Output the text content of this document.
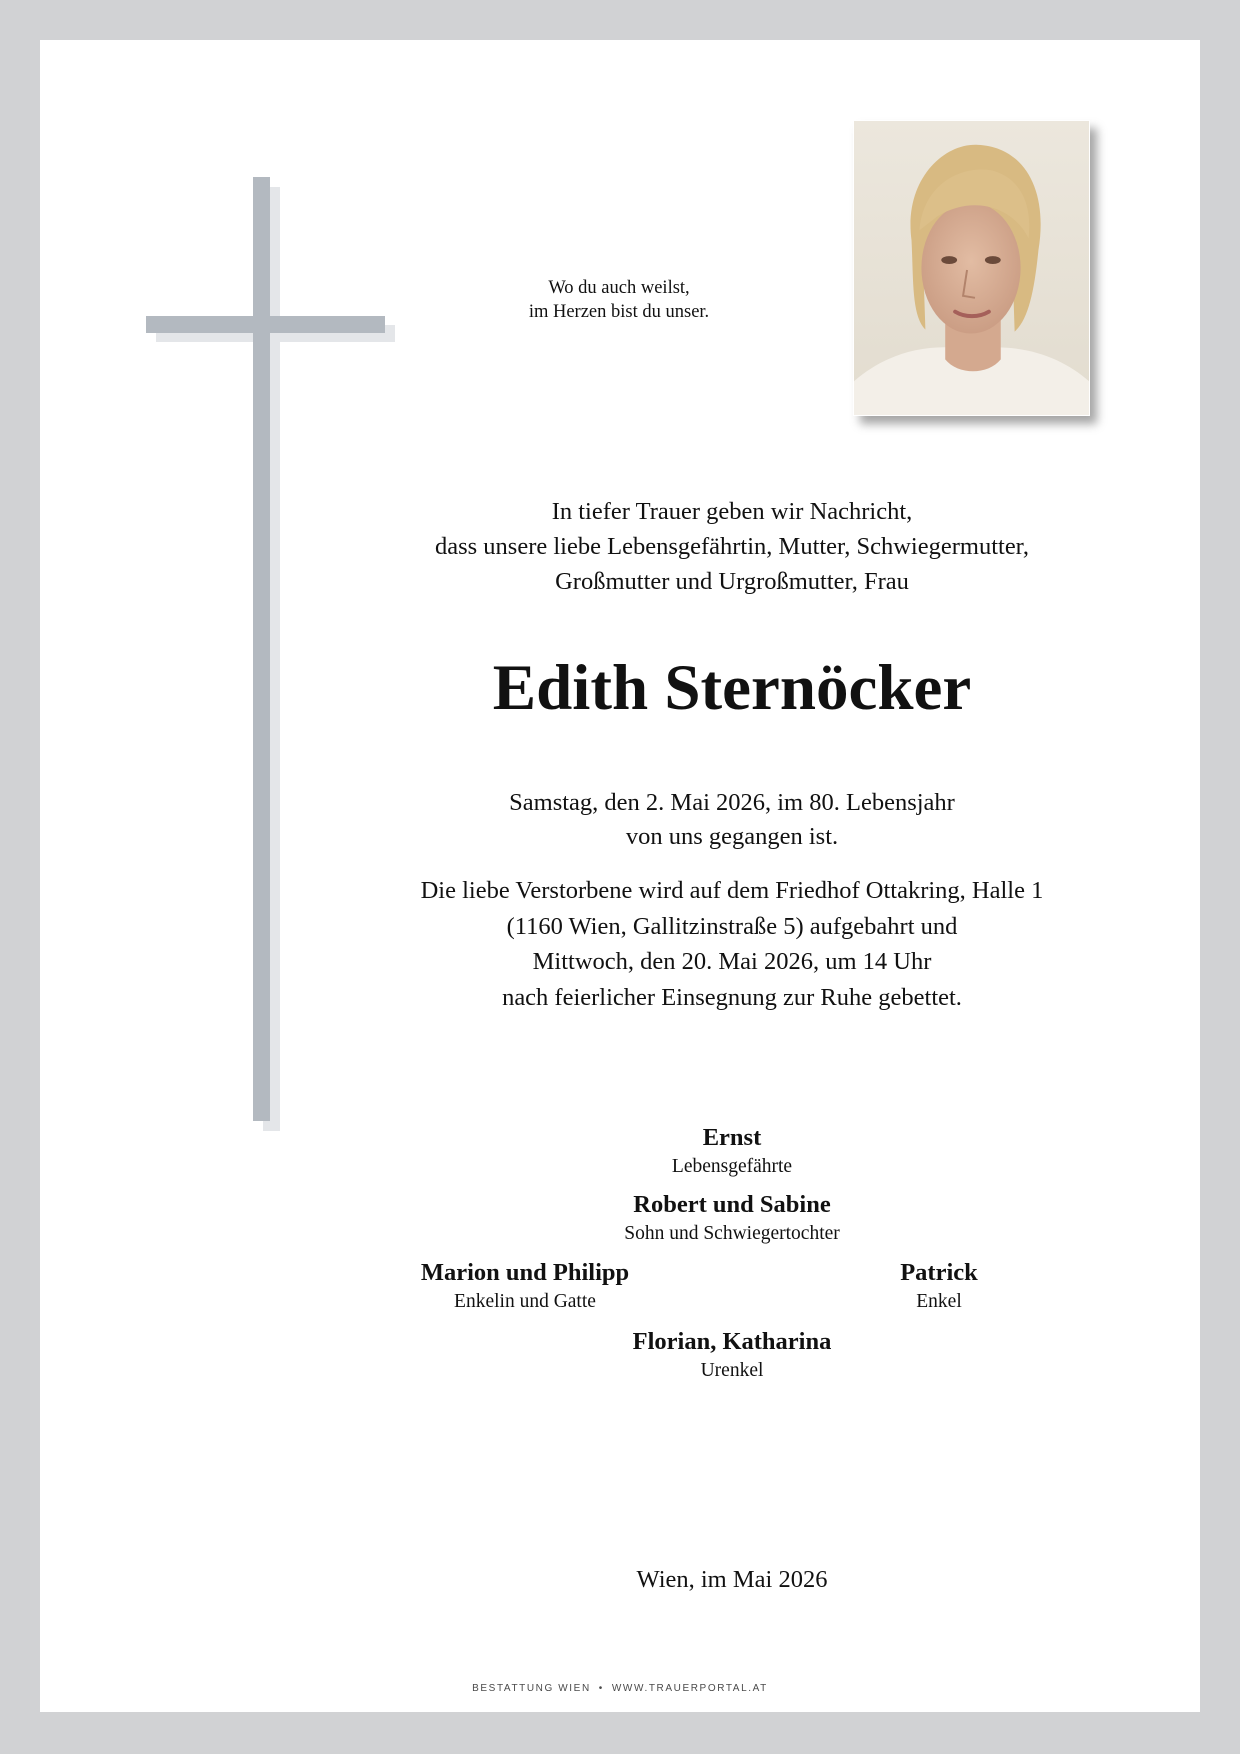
Wo du auch weilst,
im Herzen bist du unser.
In tiefer Trauer geben wir Nachricht,
dass unsere liebe Lebensgefährtin, Mutter, Schwiegermutter,
Großmutter und Urgroßmutter, Frau
Edith Sternöcker
Samstag, den 2. Mai 2026, im 80. Lebensjahr
von uns gegangen ist.
Die liebe Verstorbene wird auf dem Friedhof Ottakring, Halle 1
(1160 Wien, Gallitzinstraße 5) aufgebahrt und
Mittwoch, den 20. Mai 2026, um 14 Uhr
nach feierlicher Einsegnung zur Ruhe gebettet.
Ernst
Lebensgefährte
Robert und Sabine
Sohn und Schwiegertochter
Marion und Philipp
Enkelin und Gatte
Patrick
Enkel
Florian, Katharina
Urenkel
Wien, im Mai 2026
BESTATTUNG WIEN • WWW.TRAUERPORTAL.AT
